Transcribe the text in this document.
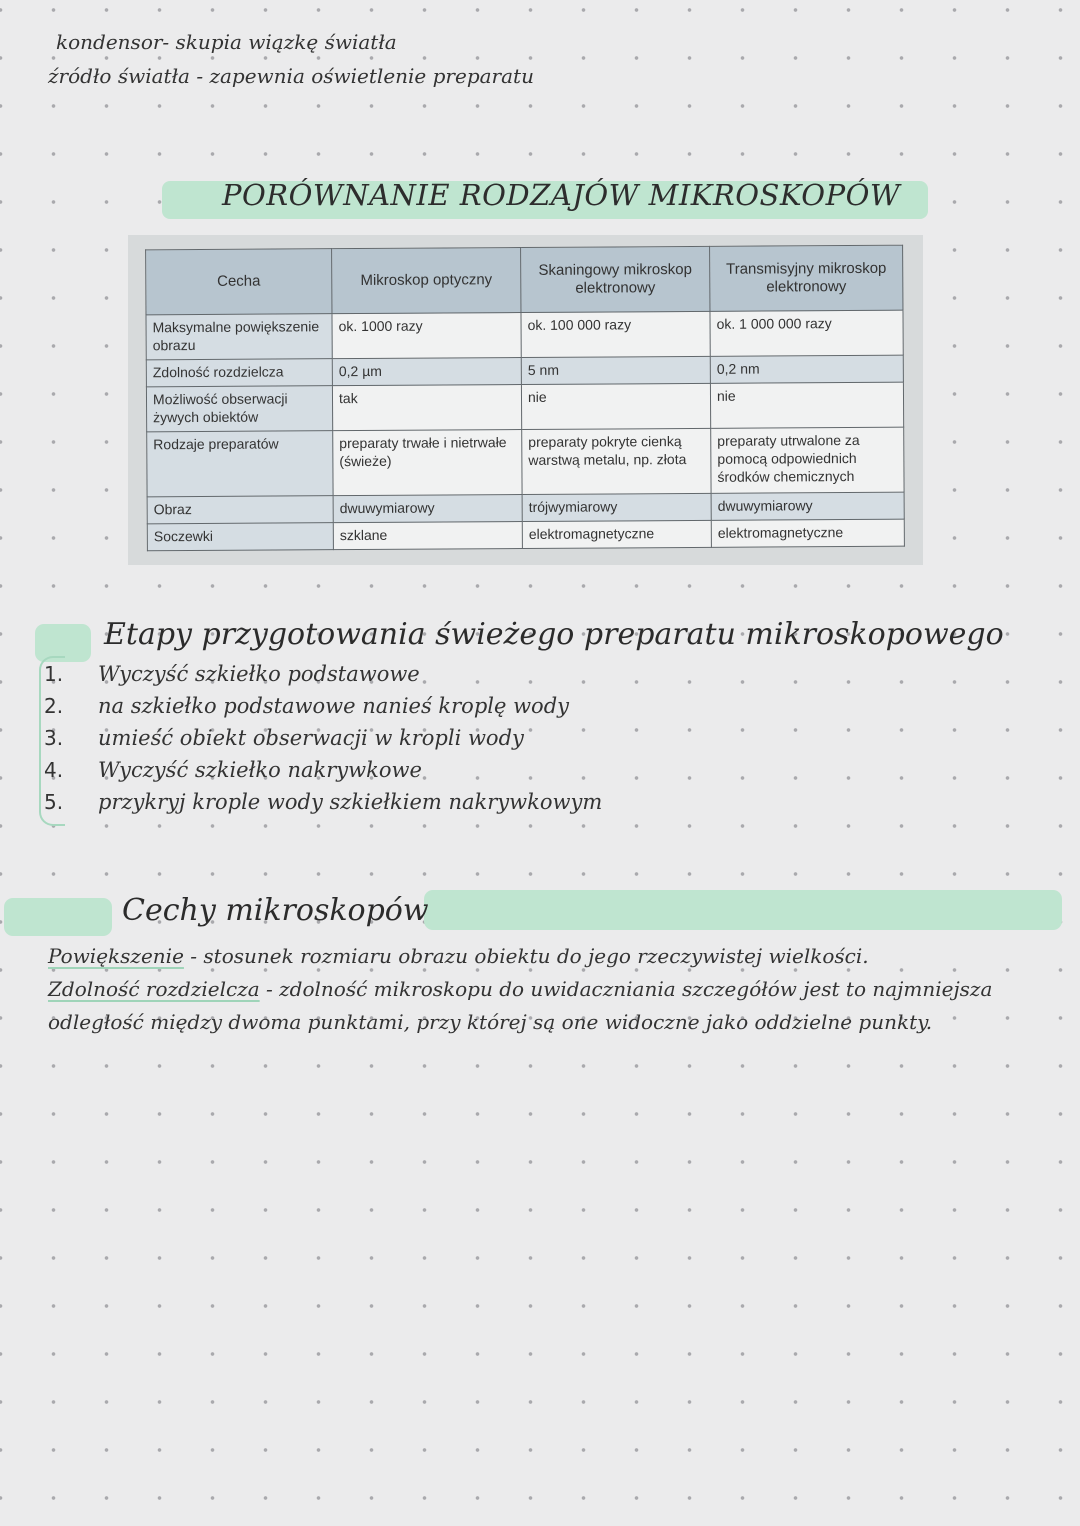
kondensor- skupia wiązkę światła
źródło światła - zapewnia oświetlenie preparatu
PORÓWNANIE RODZAJÓW MIKROSKOPÓW
Cecha	Mikroskop optyczny	Skaningowy mikroskop elektronowy	Transmisyjny mikroskop elektronowy
Maksymalne powiększenie obrazu	ok. 1000 razy	ok. 100 000 razy	ok. 1 000 000 razy
Zdolność rozdzielcza	0,2 µm	5 nm	0,2 nm
Możliwość obserwacji żywych obiektów	tak	nie	nie
Rodzaje preparatów	preparaty trwałe i nietrwałe (świeże)	preparaty pokryte cienką warstwą metalu, np. złota	preparaty utrwalone za pomocą odpowiednich środków chemicznych
Obraz	dwuwymiarowy	trójwymiarowy	dwuwymiarowy
Soczewki	szklane	elektromagnetyczne	elektromagnetyczne
Etapy przygotowania świeżego preparatu mikroskopowego
1. Wyczyść szkiełko podstawowe
2. na szkiełko podstawowe nanieś kroplę wody
3. umieść obiekt obserwacji w kropli wody
4. Wyczyść szkiełko nakrywkowe
5. przykryj krople wody szkiełkiem nakrywkowym
Cechy mikroskopów

Powiększenie - stosunek rozmiaru obrazu obiektu do jego rzeczywistej wielkości.

Zdolność rozdzielcza - zdolność mikroskopu do uwidaczniania szczegółów jest to najmniejsza

odległość między dwoma punktami, przy której są one widoczne jako oddzielne punkty.
